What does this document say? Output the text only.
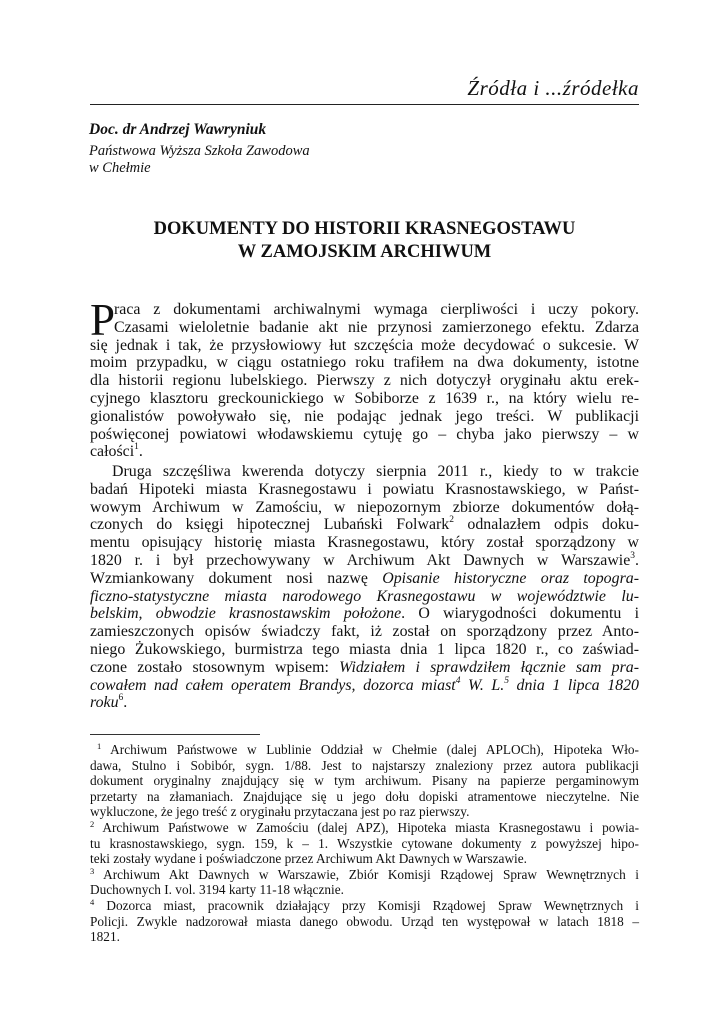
Źródła i ...źródełka
Doc. dr Andrzej Wawryniuk
Państwowa Wyższa Szkoła Zawodowa
w Chełmie
DOKUMENTY DO HISTORII KRASNEGOSTAWU
W ZAMOJSKIM ARCHIWUM
P
raca z dokumentami archiwalnymi wymaga cierpliwości i uczy pokory.
Czasami wieloletnie badanie akt nie przynosi zamierzonego efektu. Zdarza
się jednak i tak, że przysłowiowy łut szczęścia może decydować o sukcesie. W
moim przypadku, w ciągu ostatniego roku trafiłem na dwa dokumenty, istotne
dla historii regionu lubelskiego. Pierwszy z nich dotyczył oryginału aktu erek-
cyjnego klasztoru greckounickiego w Sobiborze z 1639 r., na który wielu re-
gionalistów powoływało się, nie podając jednak jego treści. W publikacji
poświęconej powiatowi włodawskiemu cytuję go – chyba jako pierwszy – w
całości$^1$.
Druga szczęśliwa kwerenda dotyczy sierpnia 2011 r., kiedy to w trakcie
badań Hipoteki miasta Krasnegostawu i powiatu Krasnostawskiego, w Państ-
wowym Archiwum w Zamościu, w niepozornym zbiorze dokumentów dołą-
czonych do księgi hipotecznej Lubański Folwark$^2$ odnalazłem odpis doku-
mentu opisujący historię miasta Krasnegostawu, który został sporządzony w
1820 r. i był przechowywany w Archiwum Akt Dawnych w Warszawie$^3$.
Wzmiankowany dokument nosi nazwę Opisanie historyczne oraz topogra-
ficzno-statystyczne miasta narodowego Krasnegostawu w województwie lu-
belskim, obwodzie krasnostawskim położone. O wiarygodności dokumentu i
zamieszczonych opisów świadczy fakt, iż został on sporządzony przez Anto-
niego Żukowskiego, burmistrza tego miasta dnia 1 lipca 1820 r., co zaświad-
czone zostało stosownym wpisem: Widziałem i sprawdziłem łącznie sam pra-
cowałem nad całem operatem Brandys, dozorca miast$^4$ W. L.$^5$ dnia 1 lipca 1820
roku$^6$.
$^1$ Archiwum Państwowe w Lublinie Oddział w Chełmie (dalej APLOCh), Hipoteka Wło-
dawa, Stulno i Sobibór, sygn. 1/88. Jest to najstarszy znaleziony przez autora publikacji
dokument oryginalny znajdujący się w tym archiwum. Pisany na papierze pergaminowym
przetarty na złamaniach. Znajdujące się u jego dołu dopiski atramentowe nieczytelne. Nie
wykluczone, że jego treść z oryginału przytaczana jest po raz pierwszy.
$^2$ Archiwum Państwowe w Zamościu (dalej APZ), Hipoteka miasta Krasnegostawu i powia-
tu krasnostawskiego, sygn. 159, k – 1. Wszystkie cytowane dokumenty z powyższej hipo-
teki zostały wydane i poświadczone przez Archiwum Akt Dawnych w Warszawie.
$^3$ Archiwum Akt Dawnych w Warszawie, Zbiór Komisji Rządowej Spraw Wewnętrznych i
Duchownych I. vol. 3194 karty 11-18 włącznie.
$^4$ Dozorca miast, pracownik działający przy Komisji Rządowej Spraw Wewnętrznych i
Policji. Zwykle nadzorował miasta danego obwodu. Urząd ten występował w latach 1818 –
1821.
